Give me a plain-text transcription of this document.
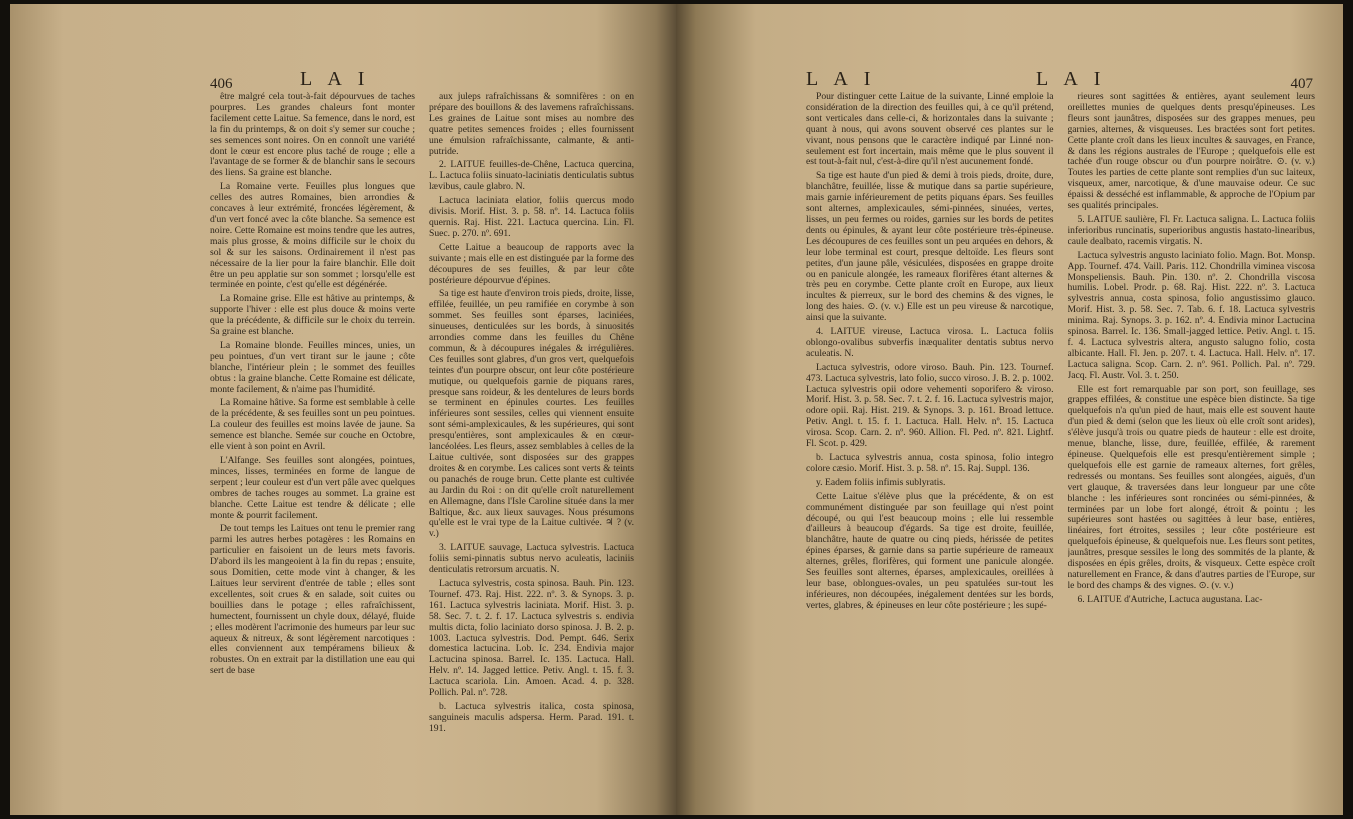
406	L A I

être malgré cela tout-à-fait dépourvues de taches pourpres. Les grandes chaleurs font monter facilement cette Laitue. Sa femence, dans le nord, est la fin du printemps, & on doit s'y semer sur couche ; ses semences sont noires. On en connoît une variété dont le cœur est encore plus taché de rouge ; elle a l'avantage de se former & de blanchir sans le secours des liens. Sa graine est blanche.

La Romaine verte. Feuilles plus longues que celles des autres Romaines, bien arrondies & concaves à leur extrémité, froncées légèrement, & d'un vert foncé avec la côte blanche. Sa semence est noire. Cette Romaine est moins tendre que les autres, mais plus grosse, & moins difficile sur le choix du sol & sur les saisons. Ordinairement il n'est pas nécessaire de la lier pour la faire blanchir. Elle doit être un peu applatie sur son sommet ; lorsqu'elle est terminée en pointe, c'est qu'elle est dégénérée.

La Romaine grise. Elle est hâtive au printemps, & supporte l'hiver : elle est plus douce & moins verte que la précédente, & difficile sur le choix du terrein. Sa graine est blanche.

La Romaine blonde. Feuilles minces, unies, un peu pointues, d'un vert tirant sur le jaune ; côte blanche, l'intérieur plein ; le sommet des feuilles obtus : la graine blanche. Cette Romaine est délicate, monte facilement, & n'aime pas l'humidité.

La Romaine hâtive. Sa forme est semblable à celle de la précédente, & ses feuilles sont un peu pointues. La couleur des feuilles est moins lavée de jaune. Sa semence est blanche. Semée sur couche en Octobre, elle vient à son point en Avril.

L'Alfange. Ses feuilles sont alongées, pointues, minces, lisses, terminées en forme de langue de serpent ; leur couleur est d'un vert pâle avec quelques ombres de taches rouges au sommet. La graine est blanche. Cette Laitue est tendre & délicate ; elle monte & pourrit facilement.

De tout temps les Laitues ont tenu le premier rang parmi les autres herbes potagères : les Romains en particulier en faisoient un de leurs mets favoris. D'abord ils les mangeoient à la fin du repas ; ensuite, sous Domitien, cette mode vint à changer, & les Laitues leur servirent d'entrée de table ; elles sont excellentes, soit crues & en salade, soit cuites ou bouillies dans le potage ; elles rafraîchissent, humectent, fournissent un chyle doux, délayé, fluide ; elles modèrent l'acrimonie des humeurs par leur suc aqueux & nitreux, & sont légèrement narcotiques : elles conviennent aux tempéramens bilieux & robustes. On en extrait par la distillation une eau qui sert de base

aux juleps rafraîchissans & somnifères : on en prépare des bouillons & des lavemens rafraîchissans. Les graines de Laitue sont mises au nombre des quatre petites semences froides ; elles fournissent une émulsion rafraîchissante, calmante, & anti-putride.

2. LAITUE feuilles-de-Chêne, Lactuca quercina, L. Lactuca foliis sinuato-laciniatis denticulatis subtus lævibus, caule glabro. N.

Lactuca laciniata elatior, foliis quercus modo divisis. Morif. Hist. 3. p. 58. nº. 14. Lactuca foliis quernis. Raj. Hist. 221. Lactuca quercina. Lin. Fl. Suec. p. 270. nº. 691.

Cette Laitue a beaucoup de rapports avec la suivante ; mais elle en est distinguée par la forme des découpures de ses feuilles, & par leur côte postérieure dépourvue d'épines.

Sa tige est haute d'environ trois pieds, droite, lisse, effilée, feuillée, un peu ramifiée en corymbe à son sommet. Ses feuilles sont éparses, laciniées, sinueuses, denticulées sur les bords, à sinuosités arrondies comme dans les feuilles du Chêne commun, & à découpures inégales & irrégulières. Ces feuilles sont glabres, d'un gros vert, quelquefois teintes d'un pourpre obscur, ont leur côte postérieure mutique, ou quelquefois garnie de piquans rares, presque sans roideur, & les dentelures de leurs bords se terminent en épinules courtes. Les feuilles inférieures sont sessiles, celles qui viennent ensuite sont sémi-amplexicaules, & les supérieures, qui sont presqu'entières, sont amplexicaules & en cœur-lancéolées. Les fleurs, assez semblables à celles de la Laitue cultivée, sont disposées sur des grappes droites & en corymbe. Les calices sont verts & teints ou panachés de rouge brun. Cette plante est cultivée au Jardin du Roi : on dit qu'elle croît naturellement en Allemagne, dans l'Isle Caroline située dans la mer Baltique, &c. aux lieux sauvages. Nous présumons qu'elle est le vrai type de la Laitue cultivée. ♃ ? (v. v.)

3. LAITUE sauvage, Lactuca sylvestris. Lactuca foliis semi-pinnatis subtus nervo aculeatis, laciniis denticulatis retrorsum arcuatis. N.

Lactuca sylvestris, costa spinosa. Bauh. Pin. 123. Tournef. 473. Raj. Hist. 222. nº. 3. & Synops. 3. p. 161. Lactuca sylvestris laciniata. Morif. Hist. 3. p. 58. Sec. 7. t. 2. f. 17. Lactuca sylvestris s. endivia multis dicta, folio laciniato dorso spinosa. J. B. 2. p. 1003. Lactuca sylvestris. Dod. Pempt. 646. Serix domestica lactucina. Lob. Ic. 234. Endivia major Lactucina spinosa. Barrel. Ic. 135. Lactuca. Hall. Helv. nº. 14. Jagged lettice. Petiv. Angl. t. 15. f. 3. Lactuca scariola. Lin. Amoen. Acad. 4. p. 328. Pollich. Pal. nº. 728.

b. Lactuca sylvestris italica, costa spinosa, sanguineis maculis adspersa. Herm. Parad. 191. t. 191.

L A I	L A I	407

Pour distinguer cette Laitue de la suivante, Linné emploie la considération de la direction des feuilles qui, à ce qu'il prétend, sont verticales dans celle-ci, & horizontales dans la suivante ; quant à nous, qui avons souvent observé ces plantes sur le vivant, nous pensons que le caractère indiqué par Linné non-seulement est fort incertain, mais même que le plus souvent il est tout-à-fait nul, c'est-à-dire qu'il n'est aucunement fondé.

Sa tige est haute d'un pied & demi à trois pieds, droite, dure, blanchâtre, feuillée, lisse & mutique dans sa partie supérieure, mais garnie inférieurement de petits piquans épars. Ses feuilles sont alternes, amplexicaules, sémi-pinnées, sinuées, vertes, lisses, un peu fermes ou roides, garnies sur les bords de petites dents ou épinules, & ayant leur côte postérieure très-épineuse. Les découpures de ces feuilles sont un peu arquées en dehors, & leur lobe terminal est court, presque deltoïde. Les fleurs sont petites, d'un jaune pâle, vésiculées, disposées en grappe droite ou en panicule alongée, les rameaux florifères étant alternes & très peu en corymbe. Cette plante croît en Europe, aux lieux incultes & pierreux, sur le bord des chemins & des vignes, le long des haies. ⊙. (v. v.) Elle est un peu vireuse & narcotique, ainsi que la suivante.

4. LAITUE vireuse, Lactuca virosa. L. Lactuca foliis oblongo-ovalibus subverfis inæqualiter dentatis subtus nervo aculeatis. N.

Lactuca sylvestris, odore viroso. Bauh. Pin. 123. Tournef. 473. Lactuca sylvestris, lato folio, succo viroso. J. B. 2. p. 1002. Lactuca sylvestris opii odore vehementi soporifero & viroso. Morif. Hist. 3. p. 58. Sec. 7. t. 2. f. 16. Lactuca sylvestris major, odore opii. Raj. Hist. 219. & Synops. 3. p. 161. Broad lettuce. Petiv. Angl. t. 15. f. 1. Lactuca. Hall. Helv. nº. 15. Lactuca virosa. Scop. Carn. 2. nº. 960. Allion. Fl. Ped. nº. 821. Lightf. Fl. Scot. p. 429.

b. Lactuca sylvestris annua, costa spinosa, folio integro colore cæsio. Morif. Hist. 3. p. 58. nº. 15. Raj. Suppl. 136.

y. Eadem foliis infimis sublyratis.

Cette Laitue s'élève plus que la précédente, & on est communément distinguée par son feuillage qui n'est point découpé, ou qui l'est beaucoup moins ; elle lui ressemble d'ailleurs à beaucoup d'égards. Sa tige est droite, feuillée, blanchâtre, haute de quatre ou cinq pieds, hérissée de petites épines éparses, & garnie dans sa partie supérieure de rameaux alternes, grêles, florifères, qui forment une panicule alongée. Ses feuilles sont alternes, éparses, amplexicaules, oreillées à leur base, oblongues-ovales, un peu spatulées sur-tout les inférieures, non découpées, inégalement dentées sur les bords, vertes, glabres, & épineuses en leur côte postérieure ; les supé-

rieures sont sagittées & entières, ayant seulement leurs oreillettes munies de quelques dents presqu'épineuses. Les fleurs sont jaunâtres, disposées sur des grappes menues, peu garnies, alternes, & visqueuses. Les bractées sont fort petites. Cette plante croît dans les lieux incultes & sauvages, en France, & dans les régions australes de l'Europe ; quelquefois elle est tachée d'un rouge obscur ou d'un pourpre noirâtre. ⊙. (v. v.) Toutes les parties de cette plante sont remplies d'un suc laiteux, visqueux, amer, narcotique, & d'une mauvaise odeur. Ce suc épaissi & desséché est inflammable, & approche de l'Opium par ses qualités principales.

5. LAITUE saulière, Fl. Fr. Lactuca saligna. L. Lactuca foliis inferioribus runcinatis, superioribus angustis hastato-linearibus, caule dealbato, racemis virgatis. N.

Lactuca sylvestris angusto laciniato folio. Magn. Bot. Monsp. App. Tournef. 474. Vaill. Paris. 112. Chondrilla viminea viscosa Monspeliensis. Bauh. Pin. 130. nº. 2. Chondrilla viscosa humilis. Lobel. Prodr. p. 68. Raj. Hist. 222. nº. 3. Lactuca sylvestris annua, costa spinosa, folio angustissimo glauco. Morif. Hist. 3. p. 58. Sec. 7. Tab. 6. f. 18. Lactuca sylvestris minima. Raj. Synops. 3. p. 162. nº. 4. Endivia minor Lactucina spinosa. Barrel. Ic. 136. Small-jagged lettice. Petiv. Angl. t. 15. f. 4. Lactuca sylvestris altera, angusto salugno folio, costa albicante. Hall. Fl. Jen. p. 207. t. 4. Lactuca. Hall. Helv. nº. 17. Lactuca saligna. Scop. Carn. 2. nº. 961. Pollich. Pal. nº. 729. Jacq. Fl. Austr. Vol. 3. t. 250.

Elle est fort remarquable par son port, son feuillage, ses grappes effilées, & constitue une espèce bien distincte. Sa tige quelquefois n'a qu'un pied de haut, mais elle est souvent haute d'un pied & demi (selon que les lieux où elle croît sont arides), s'élève jusqu'à trois ou quatre pieds de hauteur : elle est droite, menue, blanche, lisse, dure, feuillée, effilée, & rarement épineuse. Quelquefois elle est presqu'entièrement simple ; quelquefois elle est garnie de rameaux alternes, fort grêles, redressés ou montans. Ses feuilles sont alongées, aiguës, d'un vert glauque, & traversées dans leur longueur par une côte blanche : les inférieures sont roncinées ou sémi-pinnées, & terminées par un lobe fort alongé, étroit & pointu ; les supérieures sont hastées ou sagittées à leur base, entières, linéaires, fort étroites, sessiles ; leur côte postérieure est quelquefois épineuse, & quelquefois nue. Les fleurs sont petites, jaunâtres, presque sessiles le long des sommités de la plante, & disposées en épis grêles, droits, & visqueux. Cette espèce croît naturellement en France, & dans d'autres parties de l'Europe, sur le bord des champs & des vignes. ⊙. (v. v.)

6. LAITUE d'Autriche, Lactuca augustana. Lac-
